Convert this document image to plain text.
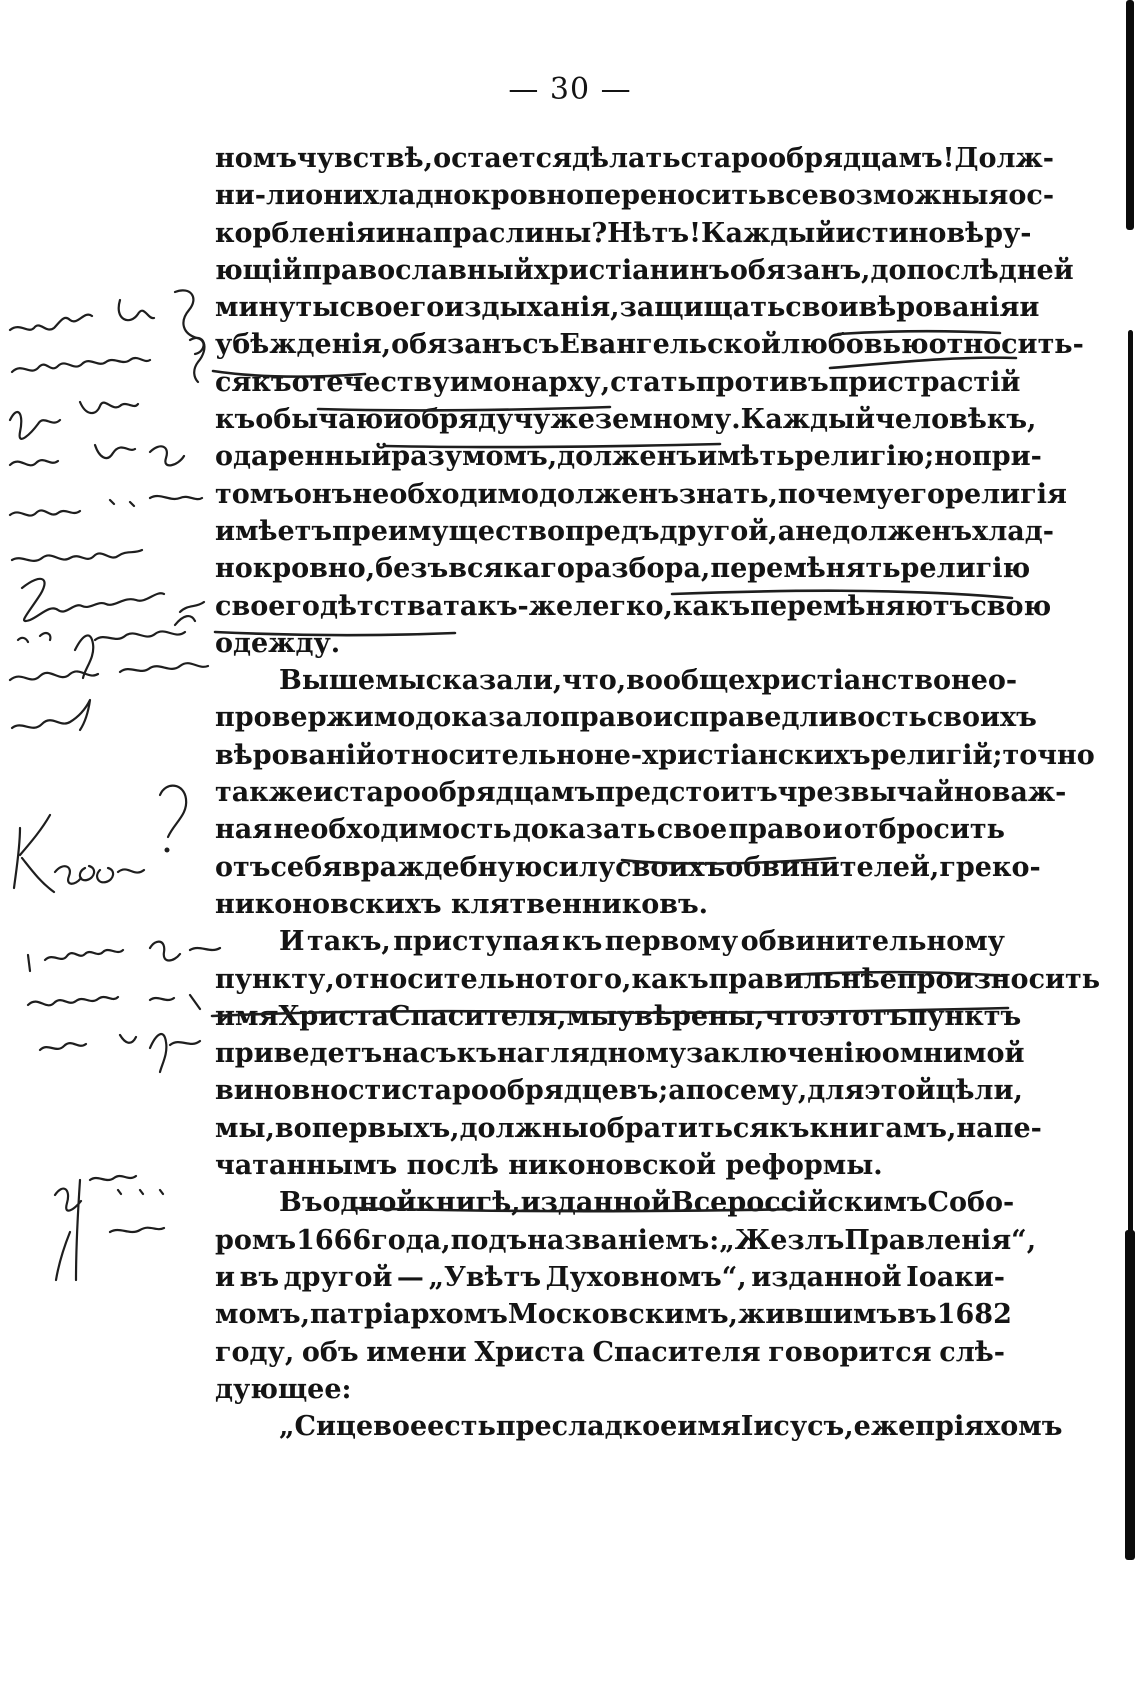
— 30 —
номъ чувствѣ, остается дѣлать старообрядцамъ! Долж-
ни-ли они хладнокровно переносить всевозможныя ос-
корбленія и напраслины? Нѣтъ! Каждый истино вѣру-
ющій православный христіанинъ обязанъ, до послѣдней
минуты своего издыханія, защищать свои вѣрованія и
убѣжденія, обязанъ съ Евангельской любовью относить-
ся къ отечеству и монарху, стать противъ пристрастій
къ обычаю и обряду чужеземному. Каждый человѣкъ,
одаренный разумомъ, долженъ имѣть религію; но при-
томъ онъ необходимо долженъ знать, почему его религія
имѣетъ преимущество предъ другой, а не долженъ хлад-
нокровно, безъ всякаго разбора, перемѣнять религію
своего дѣтства такъ-же легко, какъ перемѣняютъ свою
одежду.
Выше мы сказали, что, вообще христіанство нео-
провержимо доказало право и справедливость своихъ
вѣрованій относительно не-христіанскихъ религій; точно
также и старообрядцамъ предстоитъ чрезвычайно важ-
ная необходимость доказать свое право и отбросить
отъ себя враждебную силу своихъ обвинителей, греко-
никоновскихъ клятвенниковъ.
И такъ, приступая къ первому обвинительному
пункту, относительно того, какъ правильнѣе произносить
имя Христа Спасителя, мы увѣрены, что этотъ пунктъ
приведетъ насъ къ наглядному заключенію о мнимой
виновности старообрядцевъ; а посему, для этой цѣли,
мы, во первыхъ, должны обратиться къ книгамъ, напе-
чатаннымъ послѣ никоновской реформы.
Въ одной книгѣ, изданной Всероссійскимъ Собо-
ромъ 1666 года, подъ названіемъ: „Жезлъ Правленія“,
и въ другой — „Увѣтъ Духовномъ“, изданной Іоаки-
момъ, патріархомъ Московскимъ, жившимъ въ 1682
году, объ имени Христа Спасителя говорится слѣ-
дующее:
„Сицевое есть пресладкое имя Іисусъ, еже пріяхомъ
